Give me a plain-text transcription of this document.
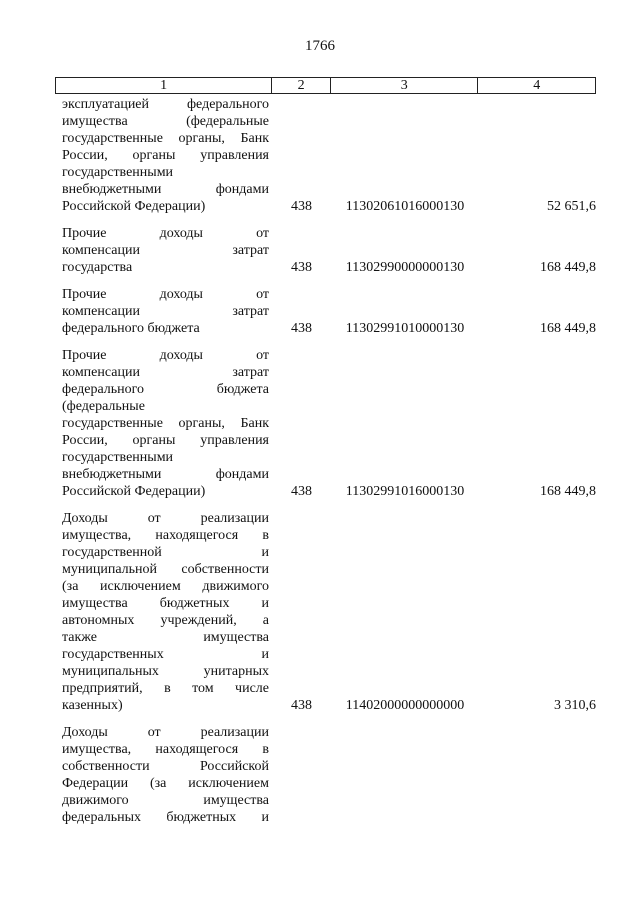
1766
1	2	3	4
эксплуатацией федерального
имущества (федеральные
государственные органы, Банк
России, органы управления
государственными
внебюджетными фондами
Российской Федерации)	438	11302061016000130	52 651,6
Прочие доходы от
компенсации затрат
государства	438	11302990000000130	168 449,8
Прочие доходы от
компенсации затрат
федерального бюджета	438	11302991010000130	168 449,8
Прочие доходы от
компенсации затрат
федерального бюджета
(федеральные
государственные органы, Банк
России, органы управления
государственными
внебюджетными фондами
Российской Федерации)	438	11302991016000130	168 449,8
Доходы от реализации
имущества, находящегося в
государственной и
муниципальной собственности
(за исключением движимого
имущества бюджетных и
автономных учреждений, а
также имущества
государственных и
муниципальных унитарных
предприятий, в том числе
казенных)	438	11402000000000000	3 310,6
Доходы от реализации
имущества, находящегося в
собственности Российской
Федерации (за исключением
движимого имущества
федеральных бюджетных и
